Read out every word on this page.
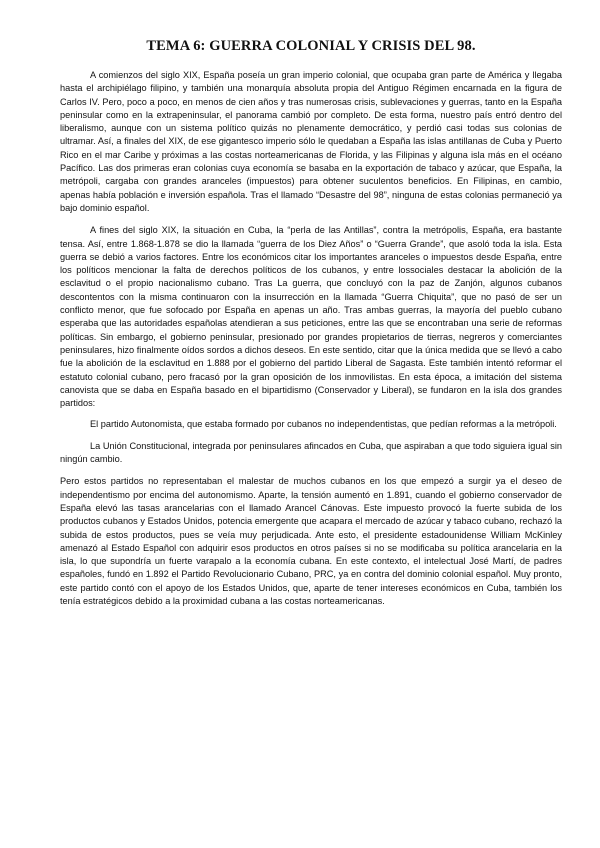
TEMA 6: GUERRA COLONIAL Y CRISIS DEL 98.

A comienzos del siglo XIX, España poseía un gran imperio colonial, que ocupaba gran parte de América y llegaba hasta el archipiélago filipino, y también una monarquía absoluta propia del Antiguo Régimen encarnada en la figura de Carlos IV. Pero, poco a poco, en menos de cien años y tras numerosas crisis, sublevaciones y guerras, tanto en la España peninsular como en la extrapeninsular, el panorama cambió por completo. De esta forma, nuestro país entró dentro del liberalismo, aunque con un sistema político quizás no plenamente democrático, y perdió casi todas sus colonias de ultramar. Así, a finales del XIX, de ese gigantesco imperio sólo le quedaban a España las islas antillanas de Cuba y Puerto Rico en el mar Caribe y próximas a las costas norteamericanas de Florida, y las Filipinas y alguna isla más en el océano Pacífico. Las dos primeras eran colonias cuya economía se basaba en la exportación de tabaco y azúcar, que España, la metrópoli, cargaba con grandes aranceles (impuestos) para obtener suculentos beneficios. En Filipinas, en cambio, apenas había población e inversión española. Tras el llamado “Desastre del 98”, ninguna de estas colonias permaneció ya bajo dominio español.

A fines del siglo XIX, la situación en Cuba, la “perla de las Antillas”, contra la metrópolis, España, era bastante tensa. Así, entre 1.868-1.878 se dio la llamada “guerra de los Diez Años” o “Guerra Grande”, que asoló toda la isla. Esta guerra se debió a varios factores. Entre los económicos citar los importantes aranceles o impuestos desde España, entre los políticos mencionar la falta de derechos políticos de los cubanos, y entre lossociales destacar la abolición de la esclavitud o el propio nacionalismo cubano. Tras La guerra, que concluyó con la paz de Zanjón, algunos cubanos descontentos con la misma continuaron con la insurrección en la llamada “Guerra Chiquita”, que no pasó de ser un conflicto menor, que fue sofocado por España en apenas un año. Tras ambas guerras, la mayoría del pueblo cubano esperaba que las autoridades españolas atendieran a sus peticiones, entre las que se encontraban una serie de reformas políticas. Sin embargo, el gobierno peninsular, presionado por grandes propietarios de tierras, negreros y comerciantes peninsulares, hizo finalmente oídos sordos a dichos deseos. En este sentido, citar que la única medida que se llevó a cabo fue la abolición de la esclavitud en 1.888 por el gobierno del partido Liberal de Sagasta. Este también intentó reformar el estatuto colonial cubano, pero fracasó por la gran oposición de los inmovilistas. En esta época, a imitación del sistema canovista que se daba en España basado en el bipartidismo (Conservador y Liberal), se fundaron en la isla dos grandes partidos:

El partido Autonomista, que estaba formado por cubanos no independentistas, que pedían reformas a la metrópoli.

La Unión Constitucional, integrada por peninsulares afincados en Cuba, que aspiraban a que todo siguiera igual sin ningún cambio.

Pero estos partidos no representaban el malestar de muchos cubanos en los que empezó a surgir ya el deseo de independentismo por encima del autonomismo. Aparte, la tensión aumentó en 1.891, cuando el gobierno conservador de España elevó las tasas arancelarias con el llamado Arancel Cánovas. Este impuesto provocó la fuerte subida de los productos cubanos y Estados Unidos, potencia emergente que acapara el mercado de azúcar y tabaco cubano, rechazó la subida de estos productos, pues se veía muy perjudicada. Ante esto, el presidente estadounidense William McKinley amenazó al Estado Español con adquirir esos productos en otros países si no se modificaba su política arancelaria en la isla, lo que supondría un fuerte varapalo a la economía cubana. En este contexto, el intelectual José Martí, de padres españoles, fundó en 1.892 el Partido Revolucionario Cubano, PRC, ya en contra del dominio colonial español. Muy pronto, este partido contó con el apoyo de los Estados Unidos, que, aparte de tener intereses económicos en Cuba, también los tenía estratégicos debido a la proximidad cubana a las costas norteamericanas.
